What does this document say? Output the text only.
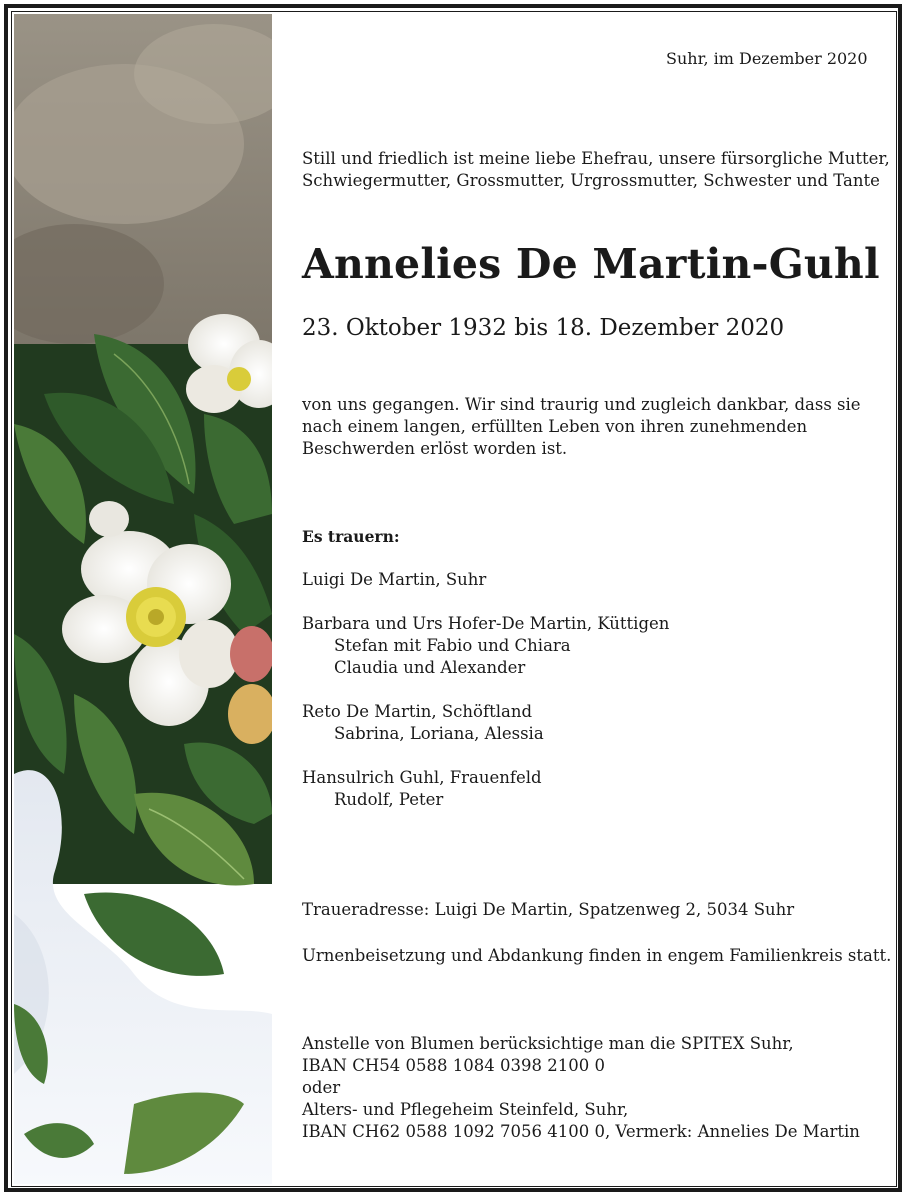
Suhr, im Dezember 2020
Still und friedlich ist meine liebe Ehefrau, unsere fürsorgliche Mutter,
Schwiegermutter, Grossmutter, Urgrossmutter, Schwester und Tante
Annelies De Martin-Guhl
23. Oktober 1932 bis 18. Dezember 2020
von uns gegangen. Wir sind traurig und zugleich dankbar, dass sie
nach einem langen, erfüllten Leben von ihren zunehmenden
Beschwerden erlöst worden ist.
Es trauern:
Luigi De Martin, Suhr
Barbara und Urs Hofer-De Martin, Küttigen
Stefan mit Fabio und Chiara
Claudia und Alexander
Reto De Martin, Schöftland
Sabrina, Loriana, Alessia
Hansulrich Guhl, Frauenfeld
Rudolf, Peter
Traueradresse: Luigi De Martin, Spatzenweg 2, 5034 Suhr
Urnenbeisetzung und Abdankung finden in engem Familienkreis statt.
Anstelle von Blumen berücksichtige man die SPITEX Suhr,
IBAN CH54 0588 1084 0398 2100 0
oder
Alters- und Pflegeheim Steinfeld, Suhr,
IBAN CH62 0588 1092 7056 4100 0, Vermerk: Annelies De Martin
